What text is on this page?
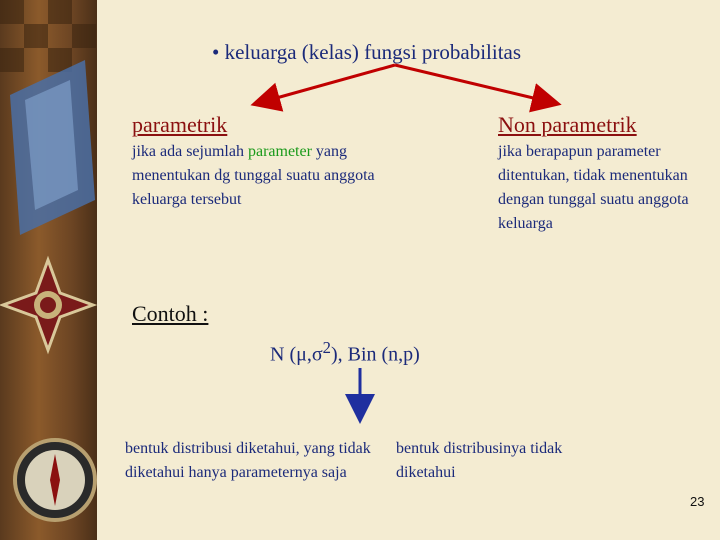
• keluarga (kelas) fungsi probabilitas
parametrik
jika ada sejumlah parameter yang menentukan dg tunggal suatu anggota keluarga tersebut
Non parametrik
jika berapapun parameter ditentukan, tidak menentukan dengan tunggal suatu anggota keluarga
Contoh :
N $(\mu,\sigma^2)$, Bin (n,p)
bentuk distribusi diketahui, yang tidak diketahui hanya parameternya saja
bentuk distribusinya tidak diketahui
23
